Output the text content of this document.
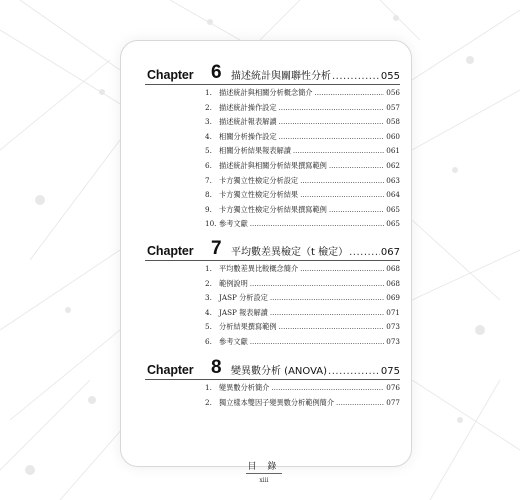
Chapter 6 描述統計與關聯性分析 .....	055
1. 描述統計與相關分析概念簡介 .....	056
2. 描述統計操作設定 .....	057
3. 描述統計報表解讀 .....	058
4. 相關分析操作設定 .....	060
5. 相關分析結果報表解讀 .....	061
6. 描述統計與相關分析結果撰寫範例 .....	062
7. 卡方獨立性檢定分析設定 .....	063
8. 卡方獨立性檢定分析結果 .....	064
9. 卡方獨立性檢定分析結果撰寫範例 .....	065
10. 參考文獻 .....	065
Chapter 7 平均數差異檢定（t 檢定） .....	067
1. 平均數差異比較概念簡介 .....	068
2. 範例說明 .....	068
3. JASP 分析設定 .....	069
4. JASP 報表解讀 .....	071
5. 分析結果撰寫範例 .....	073
6. 參考文獻 .....	073
Chapter 8 變異數分析 (ANOVA) .....	075
1. 變異數分析簡介 .....	076
2. 獨立樣本雙因子變異數分析範例簡介 .....	077
目 錄
xiii
